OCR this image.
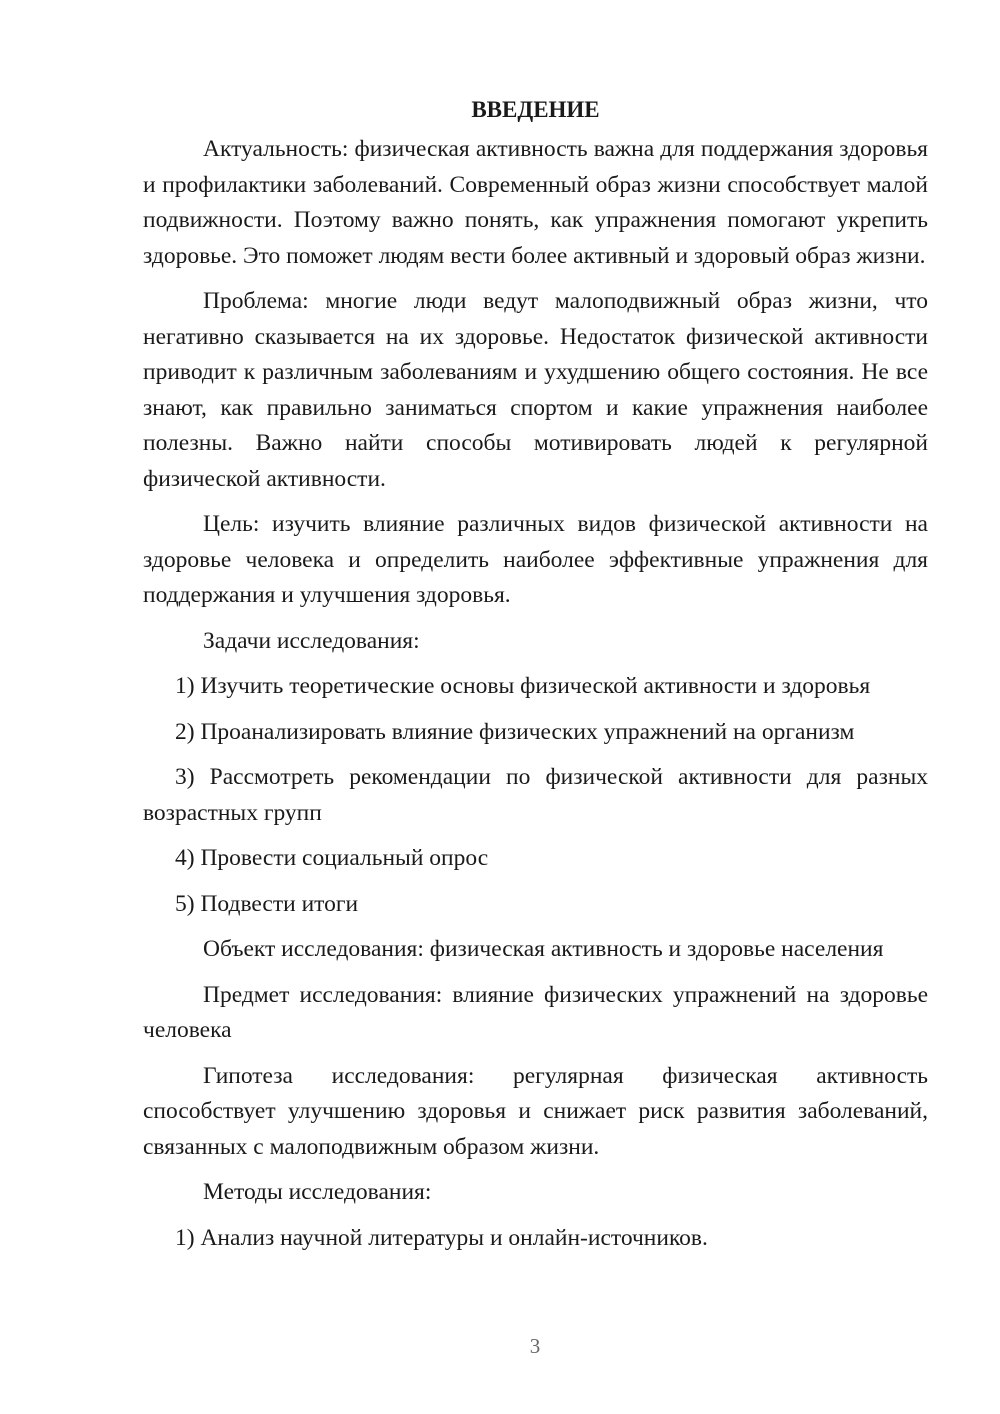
ВВЕДЕНИЕ

Актуальность: физическая активность важна для поддержания здоровья и профилактики заболеваний. Современный образ жизни способствует малой подвижности. Поэтому важно понять, как упражнения помогают укрепить здоровье. Это поможет людям вести более активный и здоровый образ жизни.

Проблема: многие люди ведут малоподвижный образ жизни, что негативно сказывается на их здоровье. Недостаток физической активности приводит к различным заболеваниям и ухудшению общего состояния. Не все знают, как правильно заниматься спортом и какие упражнения наиболее полезны. Важно найти способы мотивировать людей к регулярной физической активности.

Цель: изучить влияние различных видов физической активности на здоровье человека и определить наиболее эффективные упражнения для поддержания и улучшения здоровья.

Задачи исследования:

1) Изучить теоретические основы физической активности и здоровья

2) Проанализировать влияние физических упражнений на организм

3) Рассмотреть рекомендации по физической активности для разных возрастных групп

4) Провести социальный опрос

5) Подвести итоги

Объект исследования: физическая активность и здоровье населения

Предмет исследования: влияние физических упражнений на здоровье человека

Гипотеза исследования: регулярная физическая активность способствует улучшению здоровья и снижает риск развития заболеваний, связанных с малоподвижным образом жизни.

Методы исследования:

1) Анализ научной литературы и онлайн-источников.

3
